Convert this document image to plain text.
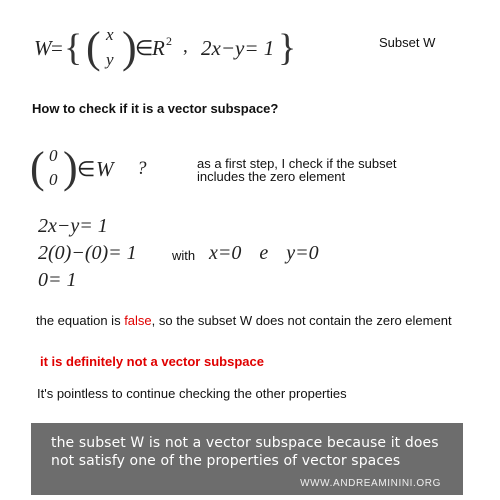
W = { ( x
y )
∈
R 2 , 2x−y= 1 }	Subset W
How to check if it is a vector subspace?
( 0
0 ) ∈ W ?	as a first step, I check if the subset
includes the zero element
2x−y= 1
2(0)−(0)= 1
0= 1
with x=0 e y=0
the equation is false, so the subset W does not contain the zero element
it is definitely not a vector subspace
It's pointless to continue checking the other properties
the subset W is not a vector subspace because it does not satisfy one of the properties of vector spaces
WWW.ANDREAMININI.ORG
